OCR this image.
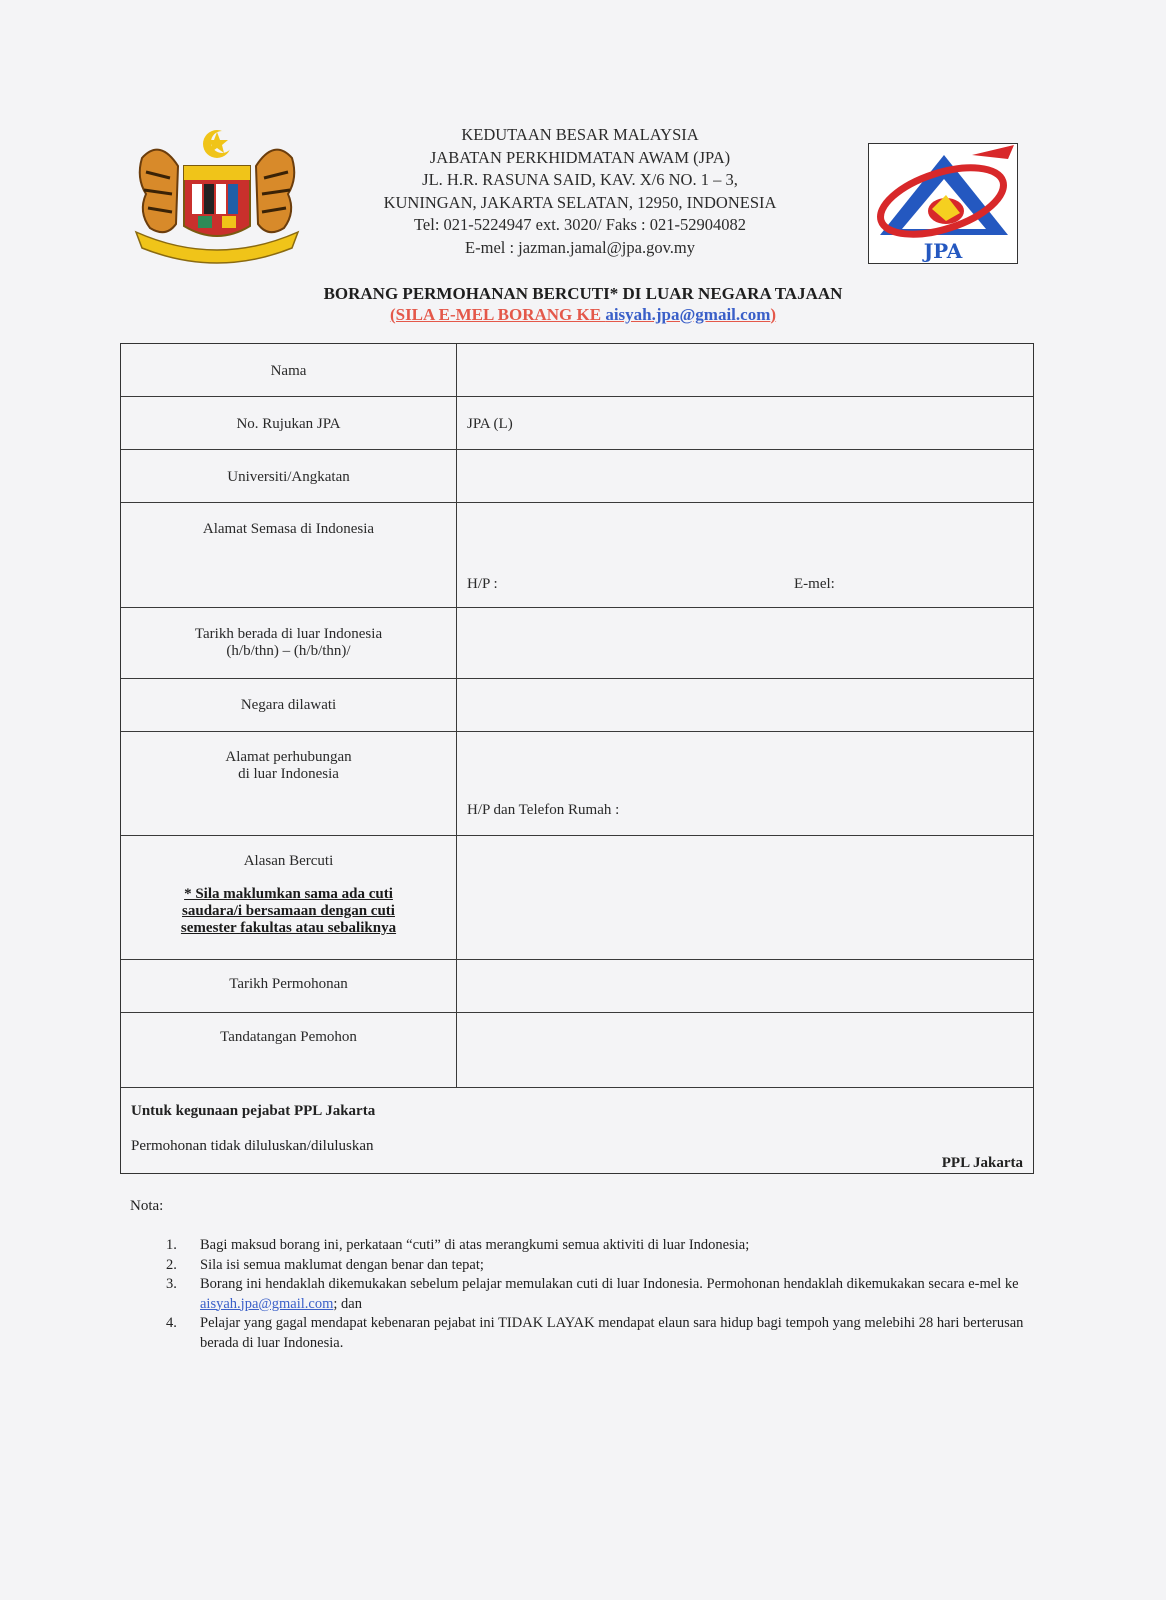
KEDUTAAN BESAR MALAYSIA
JABATAN PERKHIDMATAN AWAM (JPA)
JL. H.R. RASUNA SAID, KAV. X/6 NO. 1 – 3,
KUNINGAN, JAKARTA SELATAN, 12950, INDONESIA
Tel: 021-5224947 ext. 3020/ Faks : 021-52904082
E-mel : jazman.jamal@jpa.gov.my	JPA
BORANG PERMOHANAN BERCUTI* DI LUAR NEGARA TAJAAN
(SILA E-MEL BORANG KE aisyah.jpa@gmail.com)
Nama
No. Rujukan JPA	JPA (L)
Universiti/Angkatan
Alamat Semasa di Indonesia
H/P :	E-mel:
Tarikh berada di luar Indonesia
(h/b/thn) – (h/b/thn)/
Negara dilawati
Alamat perhubungan
di luar Indonesia
H/P dan Telefon Rumah :
Alasan Bercuti
* Sila maklumkan sama ada cuti
saudara/i bersamaan dengan cuti
semester fakultas atau sebaliknya
Tarikh Permohonan
Tandatangan Pemohon
Untuk kegunaan pejabat PPL Jakarta
Permohonan tidak diluluskan/diluluskan
PPL Jakarta
Nota:
1. Bagi maksud borang ini, perkataan “cuti” di atas merangkumi semua aktiviti di luar Indonesia;
2. Sila isi semua maklumat dengan benar dan tepat;
3. Borang ini hendaklah dikemukakan sebelum pelajar memulakan cuti di luar Indonesia. Permohonan hendaklah dikemukakan secara e-mel ke aisyah.jpa@gmail.com; dan
4. Pelajar yang gagal mendapat kebenaran pejabat ini TIDAK LAYAK mendapat elaun sara hidup bagi tempoh yang melebihi 28 hari berterusan berada di luar Indonesia.
